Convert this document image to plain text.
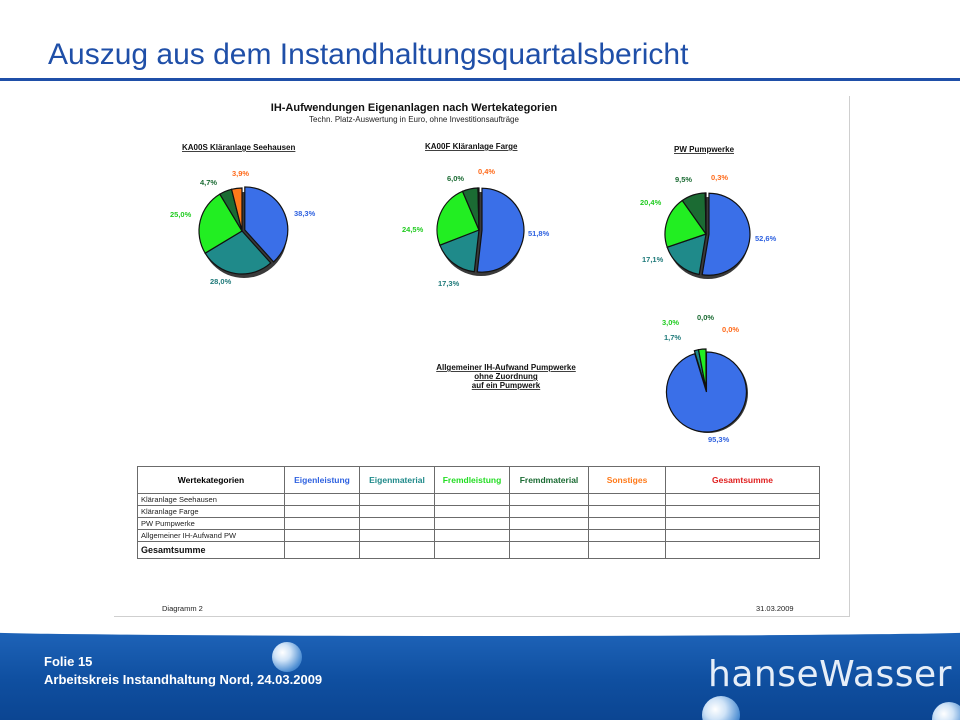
Auszug aus dem Instandhaltungsquartalsbericht
IH-Aufwendungen Eigenanlagen nach Wertekategorien
Techn. Platz-Auswertung in Euro, ohne Investitionsaufträge
38,3%
28,0%
25,0%
4,7%
3,9%
KA00S Kläranlage Seehausen
51,8%
17,3%
24,5%
6,0%
0,4%
KA00F Kläranlage Farge
52,6%
17,1%
20,4%
9,5%	0,3%
PW Pumpwerke
95,3%
1,7%
3,0%
0,0%
0,0%
Allgemeiner IH-Aufwand Pumpwerke
ohne Zuordnung
auf ein Pumpwerk
Wertekategorien	Eigenleistung	Eigenmaterial	Fremdleistung	Fremdmaterial	Sonstiges	Gesamtsumme
Kläranlage Seehausen						
Kläranlage Farge						
PW Pumpwerke						
Allgemeiner IH-Aufwand PW						
Gesamtsumme						
Diagramm 2	31.03.2009
Folie 15
Arbeitskreis Instandhaltung Nord, 24.03.2009	hanseWasser
